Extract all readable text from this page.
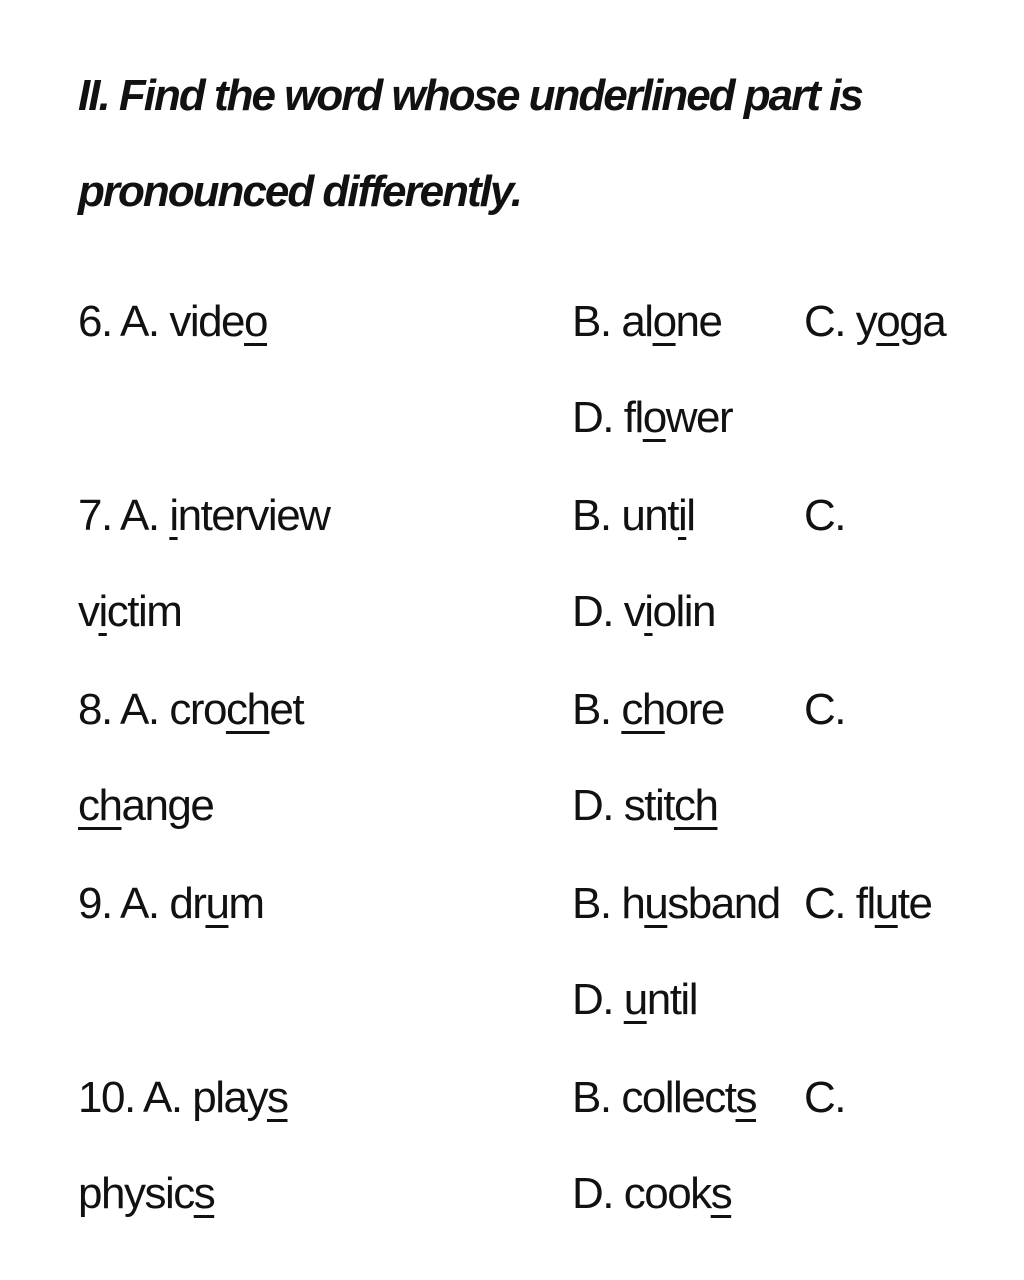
II. Find the word whose underlined part is
pronounced differently.
6. A. video	B. alone C. yoga
D. flower
7. A. interview	B. until C.
victim	D. violin
8. A. crochet	B. chore C.
change	D. stitch
9. A. drum	B. husband C. flute
D. until
10. A. plays	B. collects C.
physics	D. cooks
